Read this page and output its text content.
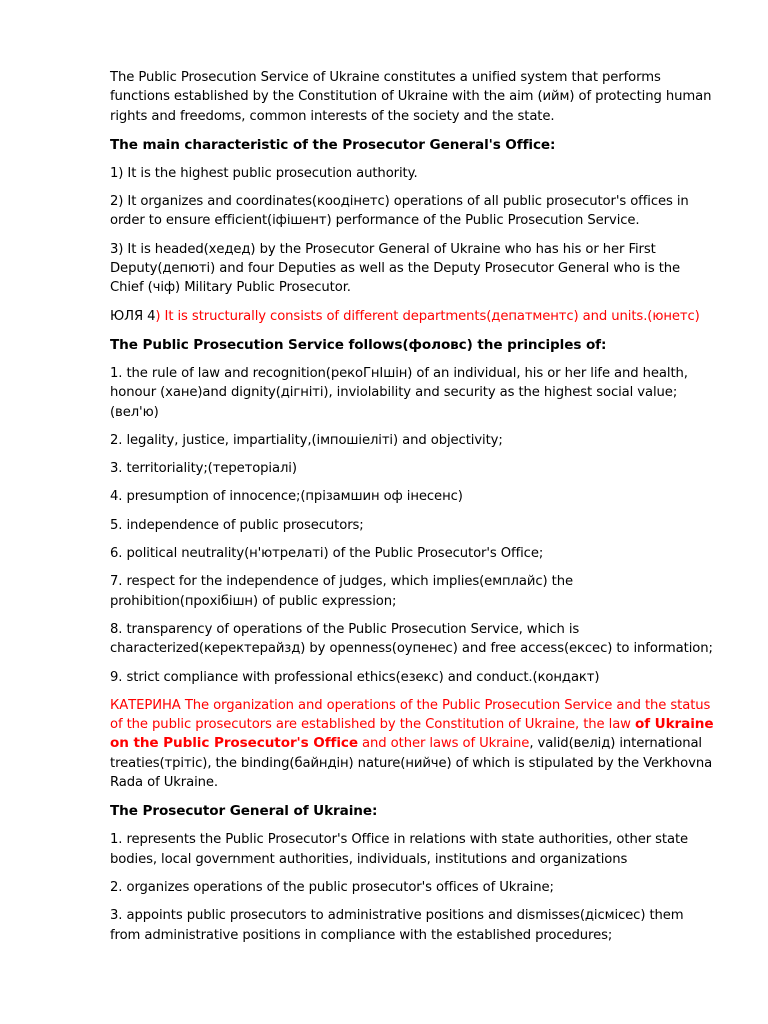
The Public Prosecution Service of Ukraine constitutes a unified system that performs functions established by the Constitution of Ukraine with the aim (ийм) of protecting human rights and freedoms, common interests of the society and the state.

The main characteristic of the Prosecutor General's Office:

1) It is the highest public prosecution authority.

2) It organizes and coordinates(коодінетс) operations of all public prosecutor's offices in order to ensure efficient(іфішент) performance of the Public Prosecution Service.

3) It is headed(хедед) by the Prosecutor General of Ukraine who has his or her First Deputy(депюті) and four Deputies as well as the Deputy Prosecutor General who is the Chief (чіф) Military Public Prosecutor.

ЮЛЯ 4) It is structurally consists of different departments(депатментс) and units.(юнетс)

The Public Prosecution Service follows(фоловс) the principles of:

1. the rule of law and recognition(рекоГнІшін) of an individual, his or her life and health, honour (хане)and dignity(дігніті), inviolability and security as the highest social value;(вел'ю)

2. legality, justice, impartiality,(імпошіеліті) and objectivity;

3. territoriality;(тереторіалі)

4. presumption of innocence;(прізамшин оф інесенс)

5. independence of public prosecutors;

6. political neutrality(н'ютрелаті) of the Public Prosecutor's Office;

7. respect for the independence of judges, which implies(емплайс) the prohibition(прохібішн) of public expression;

8. transparency of operations of the Public Prosecution Service, which is characterized(керектерайзд) by openness(оупенес) and free access(ексес) to information;

9. strict compliance with professional ethics(езекс) and conduct.(кондакт)

КАТЕРИНА The organization and operations of the Public Prosecution Service and the status of the public prosecutors are established by the Constitution of Ukraine, the law of Ukraine on the Public Prosecutor's Office and other laws of Ukraine, valid(велід) international treaties(трітіс), the binding(байндін) nature(нийче) of which is stipulated by the Verkhovna Rada of Ukraine.

The Prosecutor General of Ukraine:

1. represents the Public Prosecutor's Office in relations with state authorities, other state bodies, local government authorities, individuals, institutions and organizations

2. organizes operations of the public prosecutor's offices of Ukraine;

3. appoints public prosecutors to administrative positions and dismisses(дісмісес) them from administrative positions in compliance with the established procedures;
